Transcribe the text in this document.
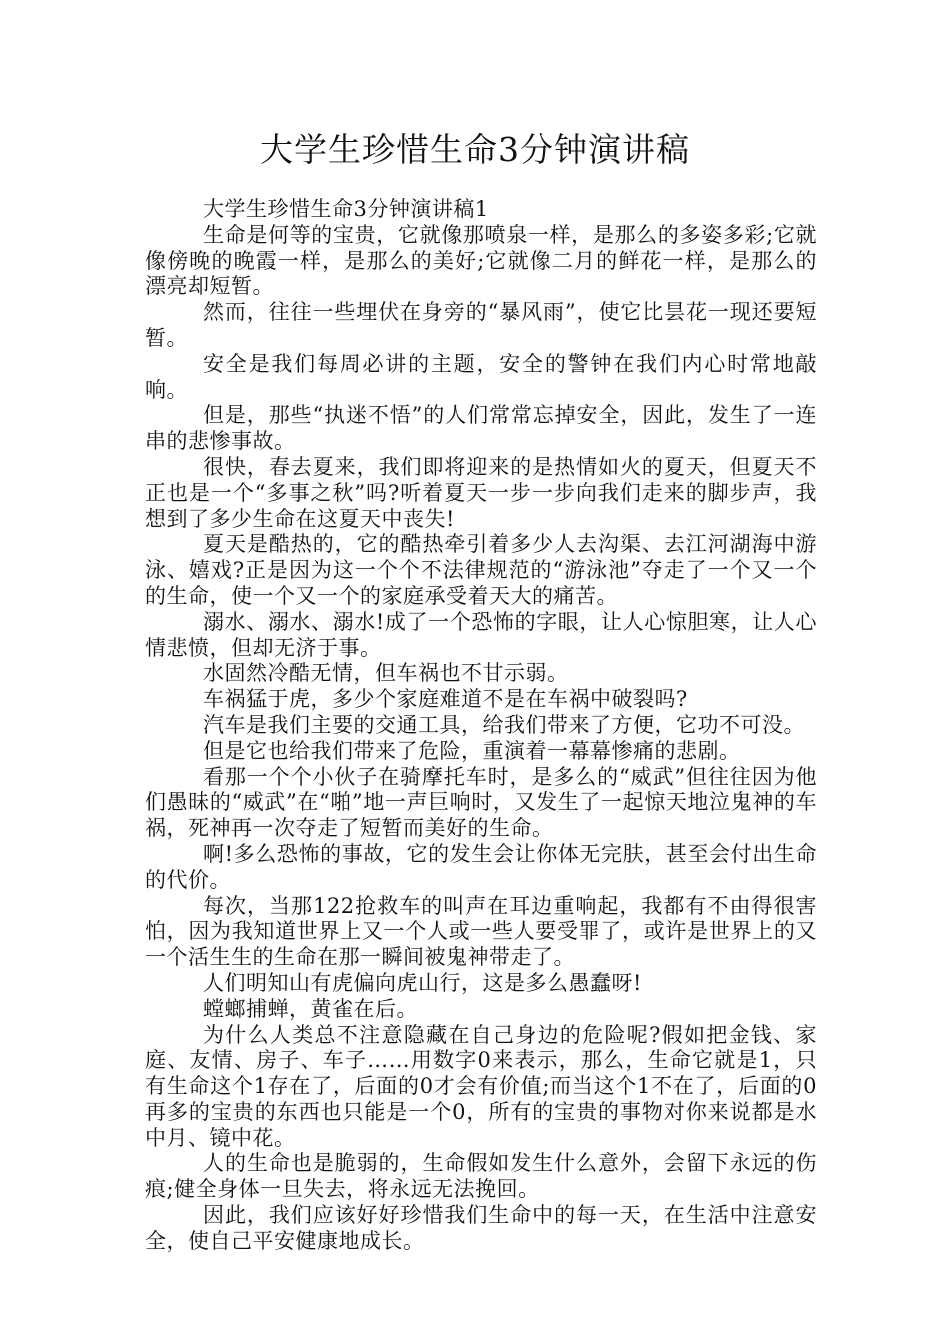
大学生珍惜生命3分钟演讲稿

大学生珍惜生命3分钟演讲稿1

生命是何等的宝贵，它就像那喷泉一样，是那么的多姿多彩;它就像傍晚的晚霞一样，是那么的美好;它就像二月的鲜花一样，是那么的漂亮却短暂。

然而，往往一些埋伏在身旁的“暴风雨”，使它比昙花一现还要短暂。

安全是我们每周必讲的主题，安全的警钟在我们内心时常地敲响。

但是，那些“执迷不悟”的人们常常忘掉安全，因此，发生了一连串的悲惨事故。

很快，春去夏来，我们即将迎来的是热情如火的夏天，但夏天不正也是一个“多事之秋”吗?听着夏天一步一步向我们走来的脚步声，我想到了多少生命在这夏天中丧失!

夏天是酷热的，它的酷热牵引着多少人去沟渠、去江河湖海中游泳、嬉戏?正是因为这一个个不法律规范的“游泳池”夺走了一个又一个的生命，使一个又一个的家庭承受着天大的痛苦。

溺水、溺水、溺水!成了一个恐怖的字眼，让人心惊胆寒，让人心情悲愤，但却无济于事。

水固然冷酷无情，但车祸也不甘示弱。

车祸猛于虎，多少个家庭难道不是在车祸中破裂吗?

汽车是我们主要的交通工具，给我们带来了方便，它功不可没。

但是它也给我们带来了危险，重演着一幕幕惨痛的悲剧。

看那一个个小伙子在骑摩托车时，是多么的“威武”但往往因为他们愚昧的“威武”在“啪”地一声巨响时，又发生了一起惊天地泣鬼神的车祸，死神再一次夺走了短暂而美好的生命。

啊!多么恐怖的事故，它的发生会让你体无完肤，甚至会付出生命的代价。

每次，当那122抢救车的叫声在耳边重响起，我都有不由得很害怕，因为我知道世界上又一个人或一些人要受罪了，或许是世界上的又一个活生生的生命在那一瞬间被鬼神带走了。

人们明知山有虎偏向虎山行，这是多么愚蠢呀!

螳螂捕蝉，黄雀在后。

为什么人类总不注意隐藏在自己身边的危险呢?假如把金钱、家庭、友情、房子、车子……用数字0来表示，那么，生命它就是1，只有生命这个1存在了，后面的0才会有价值;而当这个1不在了，后面的0再多的宝贵的东西也只能是一个0，所有的宝贵的事物对你来说都是水中月、镜中花。

人的生命也是脆弱的，生命假如发生什么意外，会留下永远的伤痕;健全身体一旦失去，将永远无法挽回。

因此，我们应该好好珍惜我们生命中的每一天，在生活中注意安全，使自己平安健康地成长。
